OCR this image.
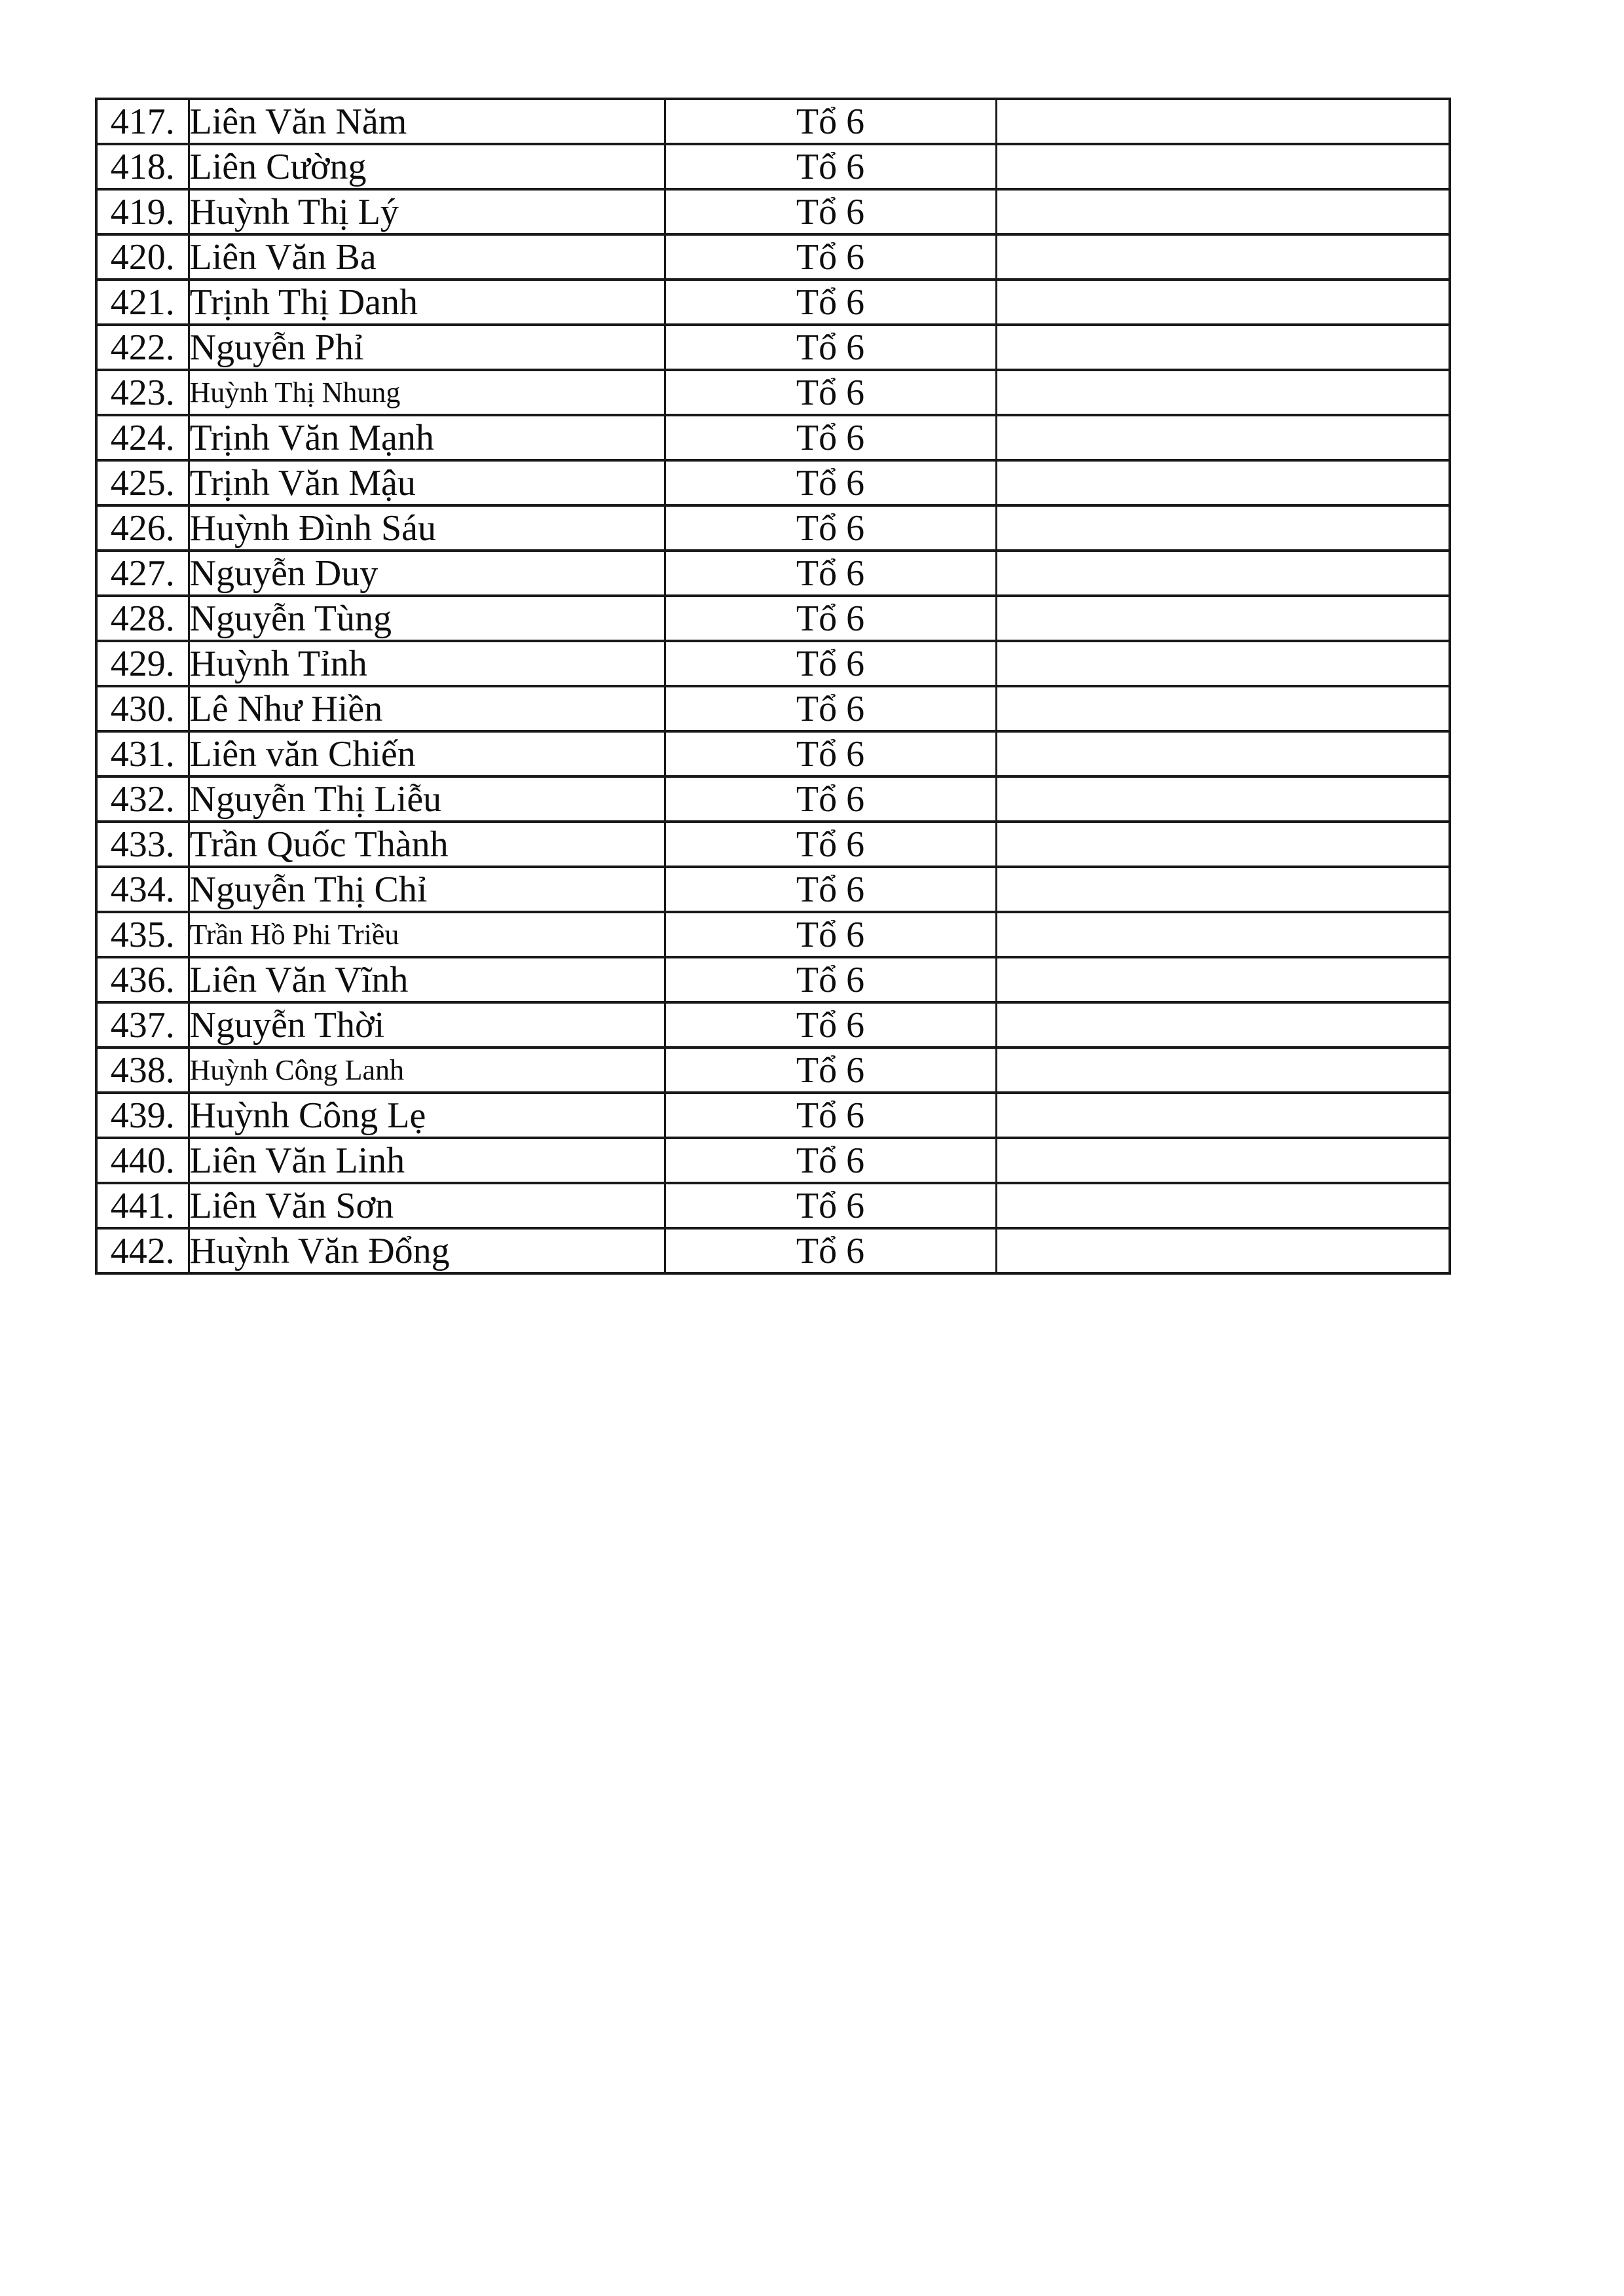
417.	Liên Văn Năm	Tổ 6	
418.	Liên Cường	Tổ 6	
419.	Huỳnh Thị Lý	Tổ 6	
420.	Liên Văn Ba	Tổ 6	
421.	Trịnh Thị Danh	Tổ 6	
422.	Nguyễn Phỉ	Tổ 6	
423.	Huỳnh Thị Nhung	Tổ 6	
424.	Trịnh Văn Mạnh	Tổ 6	
425.	Trịnh Văn Mậu	Tổ 6	
426.	Huỳnh Đình Sáu	Tổ 6	
427.	Nguyễn Duy	Tổ 6	
428.	Nguyễn Tùng	Tổ 6	
429.	Huỳnh Tỉnh	Tổ 6	
430.	Lê Như Hiền	Tổ 6	
431.	Liên văn Chiến	Tổ 6	
432.	Nguyễn Thị Liễu	Tổ 6	
433.	Trần Quốc Thành	Tổ 6	
434.	Nguyễn Thị Chỉ	Tổ 6	
435.	Trần Hồ Phi Triều	Tổ 6	
436.	Liên Văn Vĩnh	Tổ 6	
437.	Nguyễn Thời	Tổ 6	
438.	Huỳnh Công Lanh	Tổ 6	
439.	Huỳnh Công Lẹ	Tổ 6	
440.	Liên Văn Linh	Tổ 6	
441.	Liên Văn Sơn	Tổ 6	
442.	Huỳnh Văn Đổng	Tổ 6	
